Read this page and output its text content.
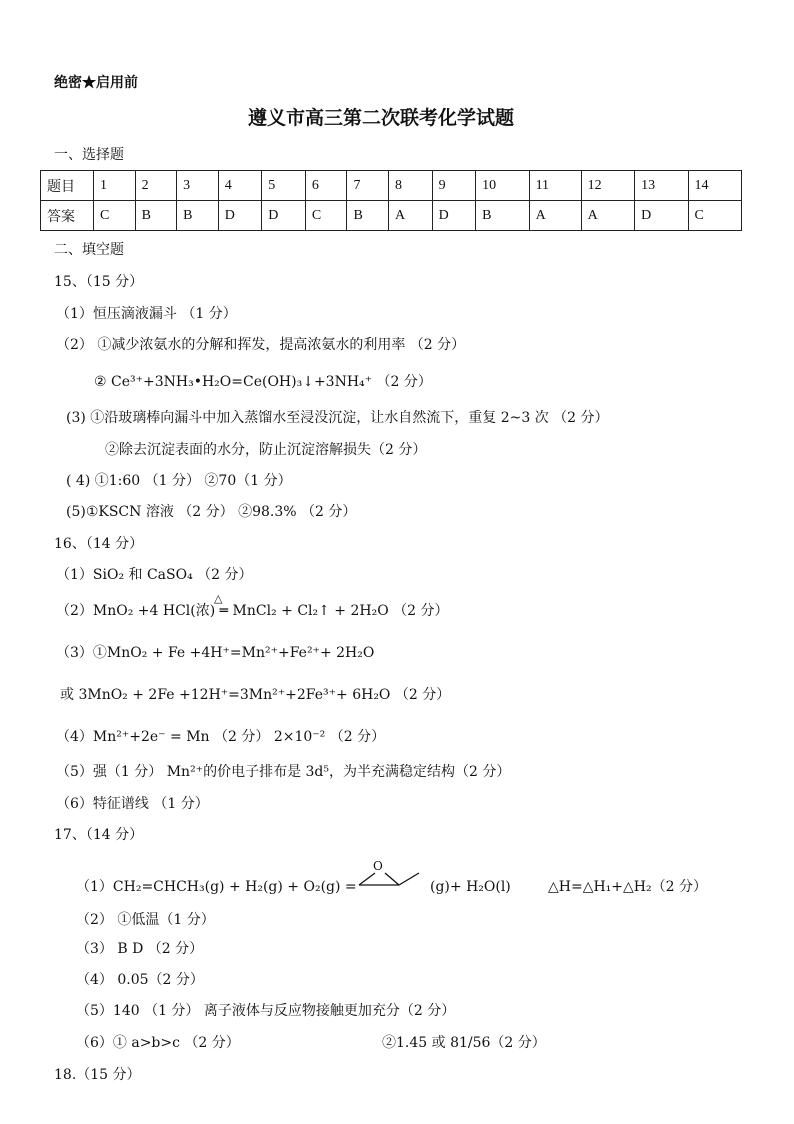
绝密★启用前
遵义市高三第二次联考化学试题
一、选择题
题目	1	2	3	4	5	6	7	8	9	10	11	12	13	14
答案	C	B	B	D	D	C	B	A	D	B	A	A	D	C
二、填空题
15、（15 分）
（1）恒压滴液漏斗 （1 分）
（2） ①减少浓氨水的分解和挥发，提高浓氨水的利用率 （2 分）
② Ce³⁺+3NH₃•H₂O=Ce(OH)₃↓+3NH₄⁺ （2 分）
(3) ①沿玻璃棒向漏斗中加入蒸馏水至浸没沉淀，让水自然流下，重复 2~3 次 （2 分）
②除去沉淀表面的水分，防止沉淀溶解损失（2 分）
( 4) ①1:60 （1 分） ②70（1 分）
(5)①KSCN 溶液 （2 分） ②98.3% （2 分）
16、（14 分）
（1）SiO₂ 和 CaSO₄ （2 分）
△
（2）MnO₂ +4 HCl(浓) ═ MnCl₂ + Cl₂↑ + 2H₂O （2 分）
（3）①MnO₂ + Fe +4H⁺=Mn²⁺+Fe²⁺+ 2H₂O
或 3MnO₂ + 2Fe +12H⁺=3Mn²⁺+2Fe³⁺+ 6H₂O （2 分）
（4）Mn²⁺+2e⁻ = Mn （2 分） 2×10⁻² （2 分）
（5）强（1 分） Mn²⁺的价电子排布是 3d⁵，为半充满稳定结构（2 分）
（6）特征谱线 （1 分）
17、（14 分）
（1）CH₂=CHCH₃(g) + H₂(g) + O₂(g) =
O
(g)+ H₂O(l)	△H=△H₁+△H₂（2 分）
（2） ①低温（1 分）
（3） B D （2 分）
（4） 0.05（2 分）
（5）140 （1 分） 离子液体与反应物接触更加充分（2 分）
（6）① a>b>c （2 分）	②1.45 或 81/56（2 分）
18.（15 分）
